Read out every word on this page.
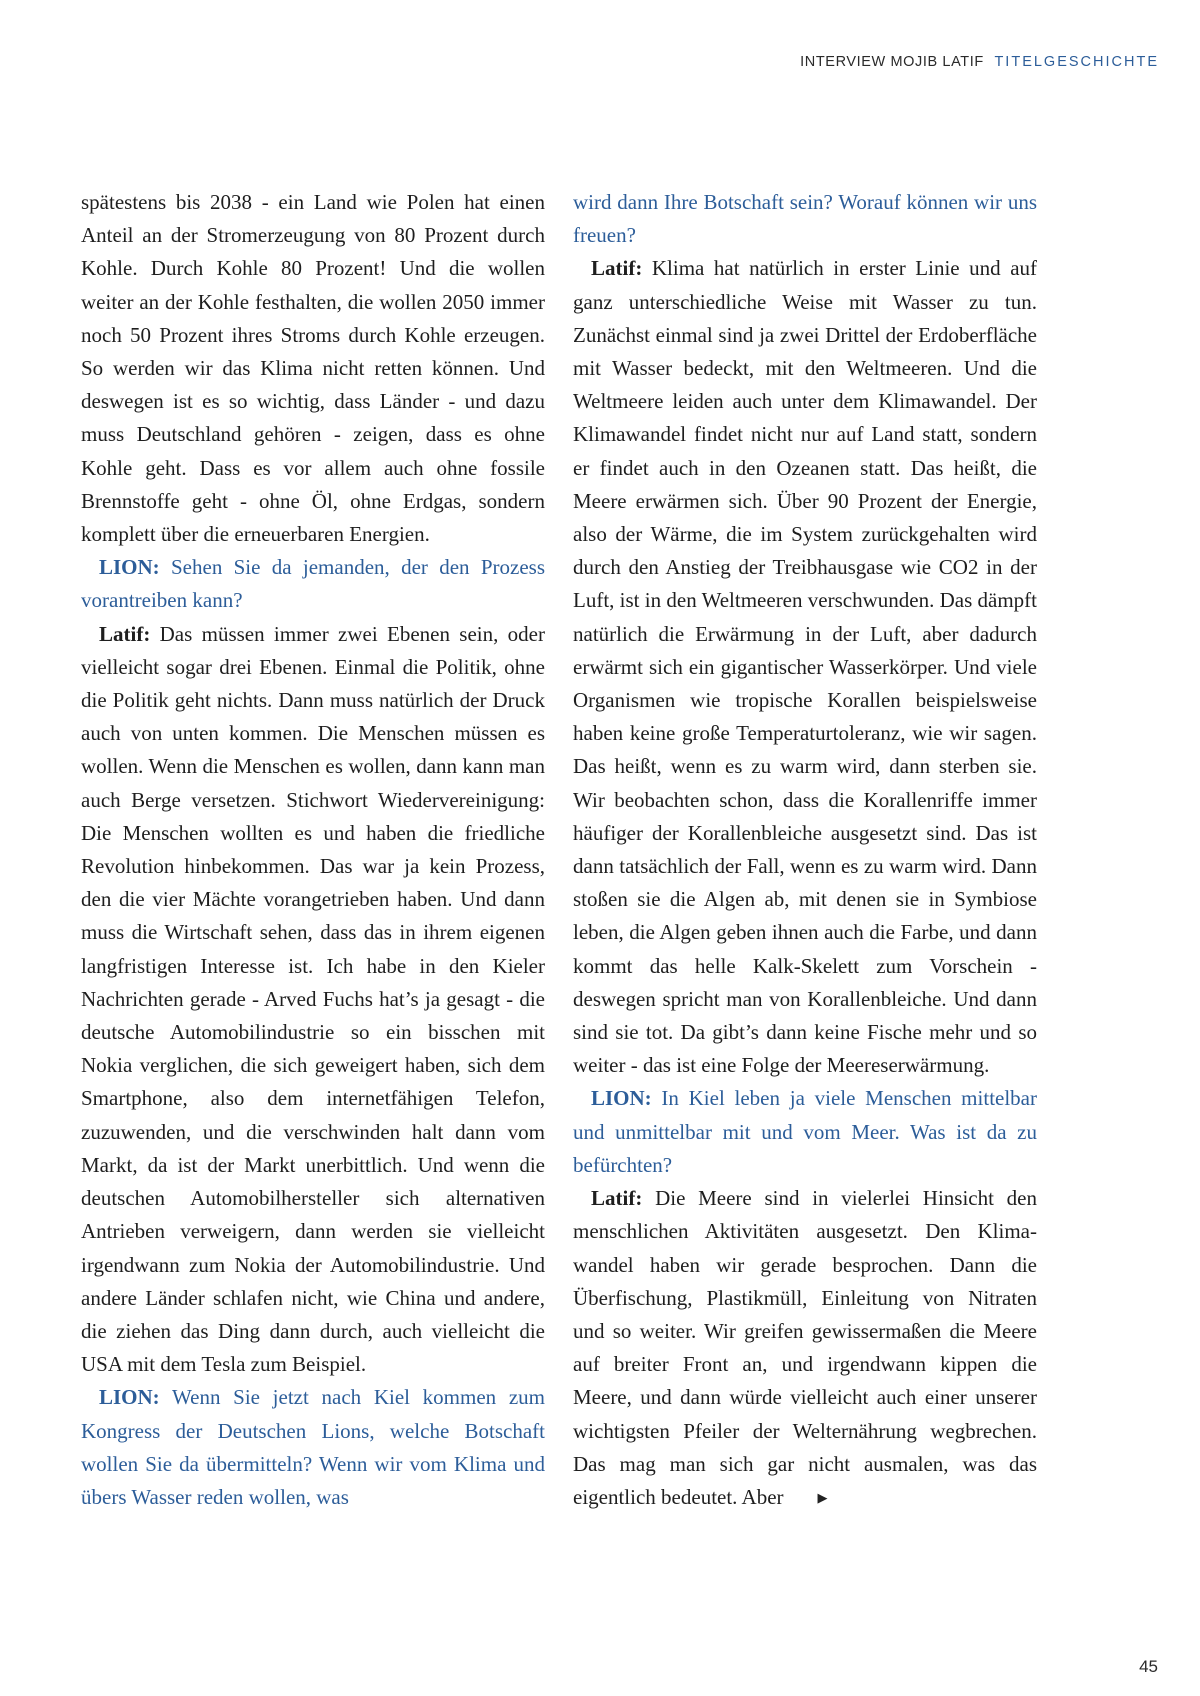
INTERVIEW MOJIB LATIF TITELGESCHICHTE

spätestens bis 2038 - ein Land wie Polen hat einen Anteil an der Stromerzeugung von 80 Prozent durch Kohle. Durch Kohle 80 Prozent! Und die wollen weiter an der Kohle festhalten, die wollen 2050 immer noch 50 Prozent ihres Stroms durch Kohle erzeugen. So werden wir das Klima nicht retten können. Und deswegen ist es so wichtig, dass Länder - und dazu muss Deutschland gehören - zeigen, dass es ohne Kohle geht. Dass es vor allem auch ohne fossile Brennstoffe geht - ohne Öl, ohne Erdgas, sondern komplett über die erneuerbaren Energien.

LION: Sehen Sie da jemanden, der den Prozess vorantreiben kann?

Latif: Das müssen immer zwei Ebenen sein, oder vielleicht sogar drei Ebenen. Einmal die Politik, ohne die Politik geht nichts. Dann muss natürlich der Druck auch von unten kommen. Die Menschen müssen es wollen. Wenn die Menschen es wollen, dann kann man auch Berge versetzen. Stichwort Wiedervereinigung: Die Menschen wollten es und haben die friedliche Revolution hinbekommen. Das war ja kein Prozess, den die vier Mächte vorangetrieben haben. Und dann muss die Wirtschaft sehen, dass das in ihrem eigenen langfristigen Interesse ist. Ich habe in den Kieler Nachrichten gerade - Arved Fuchs hat’s ja gesagt - die deutsche Automobilindustrie so ein bisschen mit Nokia verglichen, die sich geweigert haben, sich dem Smartphone, also dem internetfähigen Telefon, zuzuwenden, und die verschwinden halt dann vom Markt, da ist der Markt unerbittlich. Und wenn die deutschen Automobilhersteller sich alternativen Antrieben verweigern, dann werden sie vielleicht irgendwann zum Nokia der Automobilindustrie. Und andere Länder schlafen nicht, wie China und andere, die ziehen das Ding dann durch, auch vielleicht die USA mit dem Tesla zum Beispiel.

LION: Wenn Sie jetzt nach Kiel kommen zum Kongress der Deutschen Lions, welche Botschaft wollen Sie da übermitteln? Wenn wir vom Klima und übers Wasser reden wollen, was

wird dann Ihre Botschaft sein? Worauf können wir uns freuen?

Latif: Klima hat natürlich in erster Linie und auf ganz unterschiedliche Weise mit Wasser zu tun. Zunächst einmal sind ja zwei Drittel der Erdoberfläche mit Wasser bedeckt, mit den Weltmeeren. Und die Weltmeere leiden auch unter dem Klimawandel. Der Klimawandel findet nicht nur auf Land statt, sondern er findet auch in den Ozeanen statt. Das heißt, die Meere erwärmen sich. Über 90 Prozent der Energie, also der Wärme, die im System zurückgehalten wird durch den Anstieg der Treibhausgase wie CO2 in der Luft, ist in den Weltmeeren verschwunden. Das dämpft natürlich die Erwärmung in der Luft, aber dadurch erwärmt sich ein gigantischer Wasserkörper. Und viele Organismen wie tropische Korallen beispielsweise haben keine große Temperaturtoleranz, wie wir sagen. Das heißt, wenn es zu warm wird, dann sterben sie. Wir beobachten schon, dass die Korallenriffe immer häufiger der Korallenbleiche ausgesetzt sind. Das ist dann tatsächlich der Fall, wenn es zu warm wird. Dann stoßen sie die Algen ab, mit denen sie in Symbiose leben, die Algen geben ihnen auch die Farbe, und dann kommt das helle Kalk-Skelett zum Vorschein - deswegen spricht man von Korallenbleiche. Und dann sind sie tot. Da gibt’s dann keine Fische mehr und so weiter - das ist eine Folge der Meereserwärmung.

LION: In Kiel leben ja viele Menschen mittelbar und unmittelbar mit und vom Meer. Was ist da zu befürchten?

Latif: Die Meere sind in vielerlei Hinsicht den menschlichen Aktivitäten ausgesetzt. Den Klimawandel haben wir gerade besprochen. Dann die Überfischung, Plastikmüll, Einleitung von Nitraten und so weiter. Wir greifen gewissermaßen die Meere auf breiter Front an, und irgendwann kippen die Meere, und dann würde vielleicht auch einer unserer wichtigsten Pfeiler der Welternährung wegbrechen. Das mag man sich gar nicht ausmalen, was das eigentlich bedeutet. Aber	▶

45
